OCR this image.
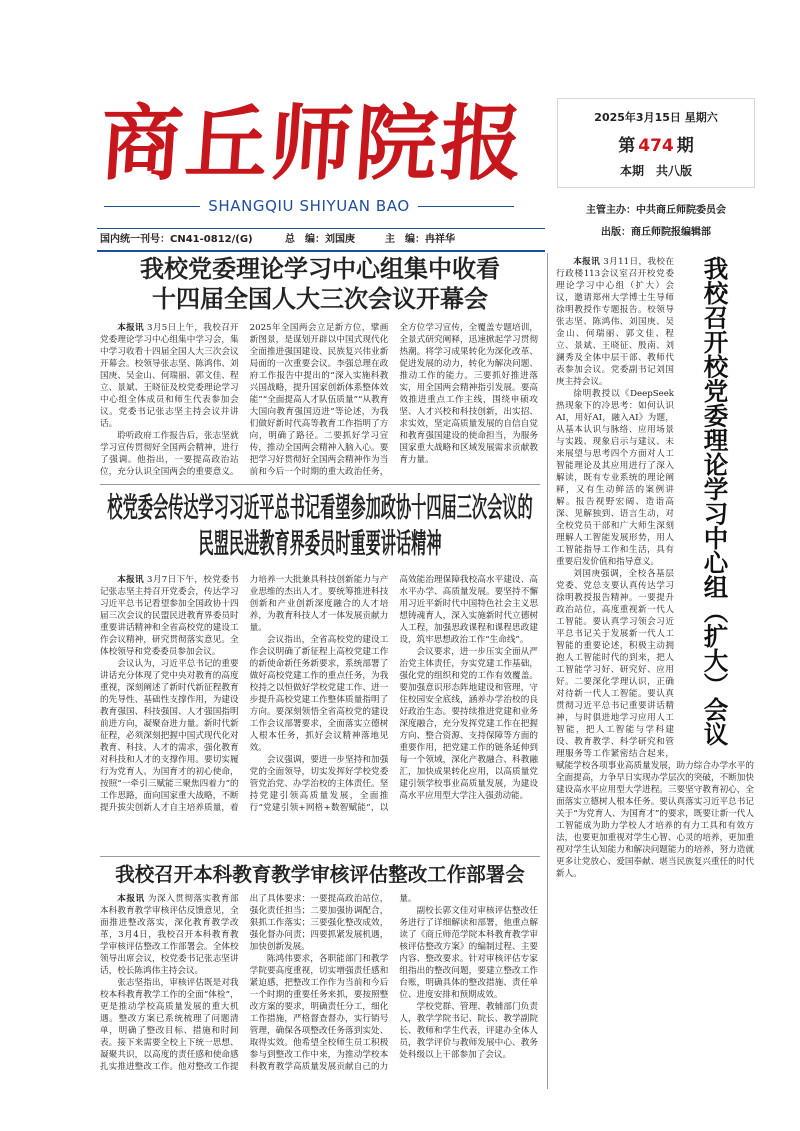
商丘师院报
SHANGQIU SHIYUAN BAO
2025年3月15日 星期六
第 474 期
本期　共八版
主管主办：中共商丘师院委员会
出版：商丘师院报编辑部

国内统一刊号：CN41-0812/(G)

	总　编：刘国庚

	主　编：冉祥华

我校党委理论学习中心组集中收看
十四届全国人大三次会议开幕会

本报讯 3月5日上午，我校召开党委理论学习中心组集中学习会，集中学习收看十四届全国人大三次会议开幕会。校领导张志坚、陈鸿伟、刘国庚、吴金山、何瑞丽、郭文佳、程立、景斌、王晓征及校党委理论学习中心组全体成员和师生代表参加会议。党委书记张志坚主持会议并讲话。

聆听政府工作报告后，张志坚就学习宣传贯彻好全国两会精神，进行了强调。他指出，一要提高政治站位，充分认识全国两会的重要意义。2025年全国两会立足新方位，擘画新图景，是谋划开辟以中国式现代化全面推进强国建设、民族复兴伟业新局面的一次重要会议。李强总理在政府工作报告中提出的“深入实施科教兴国战略，提升国家创新体系整体效能”“全面提高人才队伍质量”“从教育大国向教育强国迈进”等论述，为我们做好新时代高等教育工作指明了方向，明确了路径。二要抓好学习宣传，推动全国两会精神入脑入心。要把学习好贯彻好全国两会精神作为当前和今后一个时期的重大政治任务，全方位学习宣传，全覆盖专题培训，全景式研究阐释，迅速掀起学习贯彻热潮。将学习成果转化为深化改革、促进发展的动力，转化为解决问题、推动工作的能力。三要抓好推进落实，用全国两会精神指引发展。要高效推进重点工作主线，围绕申硕攻坚、人才兴校和科技创新，出实招、求实效，坚定高质量发展的自信自觉和教育强国建设的使命担当，为服务国家重大战略和区域发展需求贡献教育力量。

校党委会传达学习习近平总书记看望参加政协十四届三次会议的
民盟民进教育界委员时重要讲话精神

本报讯 3月7日下午，校党委书记张志坚主持召开党委会，传达学习习近平总书记看望参加全国政协十四届三次会议的民盟民进教育界委员时重要讲话精神和全省高校党的建设工作会议精神，研究贯彻落实意见。全体校领导和党委委员参加会议。

会议认为，习近平总书记的重要讲话充分体现了党中央对教育的高度重视，深刻阐述了新时代新征程教育的先导性、基础性支撑作用，为建设教育强国、科技强国、人才强国指明前进方向，凝聚奋进力量。新时代新征程，必须深刻把握中国式现代化对教育、科技、人才的需求，强化教育对科技和人才的支撑作用。要切实履行为党育人、为国育才的初心使命，按照“一牵引三赋能三聚焦四着力”的工作思路，面向国家重大战略，不断提升拔尖创新人才自主培养质量，着力培养一大批兼具科技创新能力与产业思维的杰出人才。要统筹推进科技创新和产业创新深度融合的人才培养，为教育科技人才一体发展贡献力量。

会议指出，全省高校党的建设工作会议明确了新征程上高校党建工作的新使命新任务新要求，系统部署了做好高校党建工作的重点任务，为我校持之以恒做好学校党建工作、进一步提升高校党建工作整体质量指明了方向。要深刻领悟全省高校党的建设工作会议部署要求，全面落实立德树人根本任务，抓好会议精神落地见效。

会议强调，要进一步坚持和加强党的全面领导，切实发挥好学校党委管党治党、办学治校的主体责任。坚持党建引领高质量发展，全面推行“党建引领+网格+数智赋能”，以高效能治理保障我校高水平建设、高水平办学、高质量发展。要坚持不懈用习近平新时代中国特色社会主义思想铸魂育人，深入实施新时代立德树人工程，加强思政课程和课程思政建设，筑牢思想政治工作“生命线”。

会议要求，进一步压实全面从严治党主体责任，夯实党建工作基础，强化党的组织和党的工作有效覆盖。要加强意识形态阵地建设和管理，守住校园安全底线，涵养办学治校的良好政治生态。要持续推进党建和业务深度融合，充分发挥党建工作在把握方向、整合资源、支持保障等方面的重要作用，把党建工作的链条延伸到每一个领域，深化产教融合、科教融汇，加快成果转化应用，以高质量党建引领学校事业高质量发展，为建设高水平应用型大学注入强劲动能。

我校召开本科教育教学审核评估整改工作部署会

本报讯 为深入贯彻落实教育部本科教育教学审核评估反馈意见，全面推进整改落实，深化教育教学改革，3月4日，我校召开本科教育教学审核评估整改工作部署会。全体校领导出席会议，校党委书记张志坚讲话，校长陈鸿伟主持会议。

张志坚指出，审核评估既是对我校本科教育教学工作的全面“体检”，更是推动学校高质量发展的重大机遇。整改方案已系统梳理了问题清单，明确了整改目标、措施和时间表。接下来需要全校上下统一思想、凝聚共识，以高度的责任感和使命感扎实推进整改工作。他对整改工作提出了具体要求：一要提高政治站位，强化责任担当；二要加强协调配合，狠抓工作落实；三要强化整改成效，强化督办问责；四要抓紧发展机遇，加快创新发展。

陈鸿伟要求，各职能部门和教学学院要高度重视，切实增强责任感和紧迫感，把整改工作作为当前和今后一个时期的重要任务来抓，要按照整改方案的要求，明确责任分工，细化工作措施，严格督查督办，实行销号管理，确保各项整改任务落到实处、取得实效。他希望全校师生员工积极参与到整改工作中来，为推动学校本科教育教学高质量发展贡献自己的力量。

副校长郭文佳对审核评估整改任务进行了详细解读和部署，他重点解读了《商丘师范学院本科教育教学审核评估整改方案》的编制过程、主要内容、整改要求。针对审核评估专家组指出的整改问题，要建立整改工作台账，明确具体的整改措施、责任单位、进度安排和预期成效。

学校党群、管理、教辅部门负责人，教学学院书记、院长、教学副院长、教师和学生代表，评建办全体人员，教学评价与教师发展中心、教务处科级以上干部参加了会议。

我校召开校党委理论学习中心组（扩大）会议

本报讯 3月11日，我校在行政楼113会议室召开校党委理论学习中心组（扩大）会议，邀请郑州大学博士生导师徐明教授作专题报告。校领导张志坚、陈鸿伟、刘国庚、吴金山、何瑞丽、郭文佳、程立、景斌、王晓征、殷南、刘澜秀及全体中层干部、教师代表参加会议。党委副书记刘国庚主持会议。

徐明教授以《DeepSeek热现象下的冷思考：如何认识AI，用好AI，融入AI》为题，从基本认识与脉络、应用场景与实践、现象启示与建议、未来展望与思考四个方面对人工智能理论及其应用进行了深入解读，既有专业系统的理论阐释，又有生动鲜活的案例讲解。报告视野宏阔、造诣高深、见解独到、语言生动，对全校党员干部和广大师生深刻理解人工智能发展形势，用人工智能指导工作和生活，具有重要启发价值和指导意义。

刘国庚强调，全校各基层党委、党总支要认真传达学习徐明教授报告精神。一要提升政治站位，高度重视新一代人工智能。要认真学习领会习近平总书记关于发展新一代人工智能的重要论述，积极主动拥抱人工智能时代的到来，把人工智能学习好、研究好、应用好。二要深化学理认识，正确对待新一代人工智能。要认真贯彻习近平总书记重要讲话精神，与时俱进地学习应用人工智能，把人工智能与学科建设、教育教学、科学研究和管理服务等工作紧密结合起来，赋能学校各项事业高质量发展，助力综合办学水平的全面提高，力争早日实现办学层次的突破，不断加快建设高水平应用型大学进程。三要坚守教育初心，全面落实立德树人根本任务。要认真落实习近平总书记关于“为党育人、为国育才”的要求，既要让新一代人工智能成为助力学校人才培养的有力工具和有效方法，也要更加重视对学生心智、心灵的培养，更加重视对学生认知能力和解决问题能力的培养，努力造就更多让党放心、爱国奉献、堪当民族复兴重任的时代新人。
